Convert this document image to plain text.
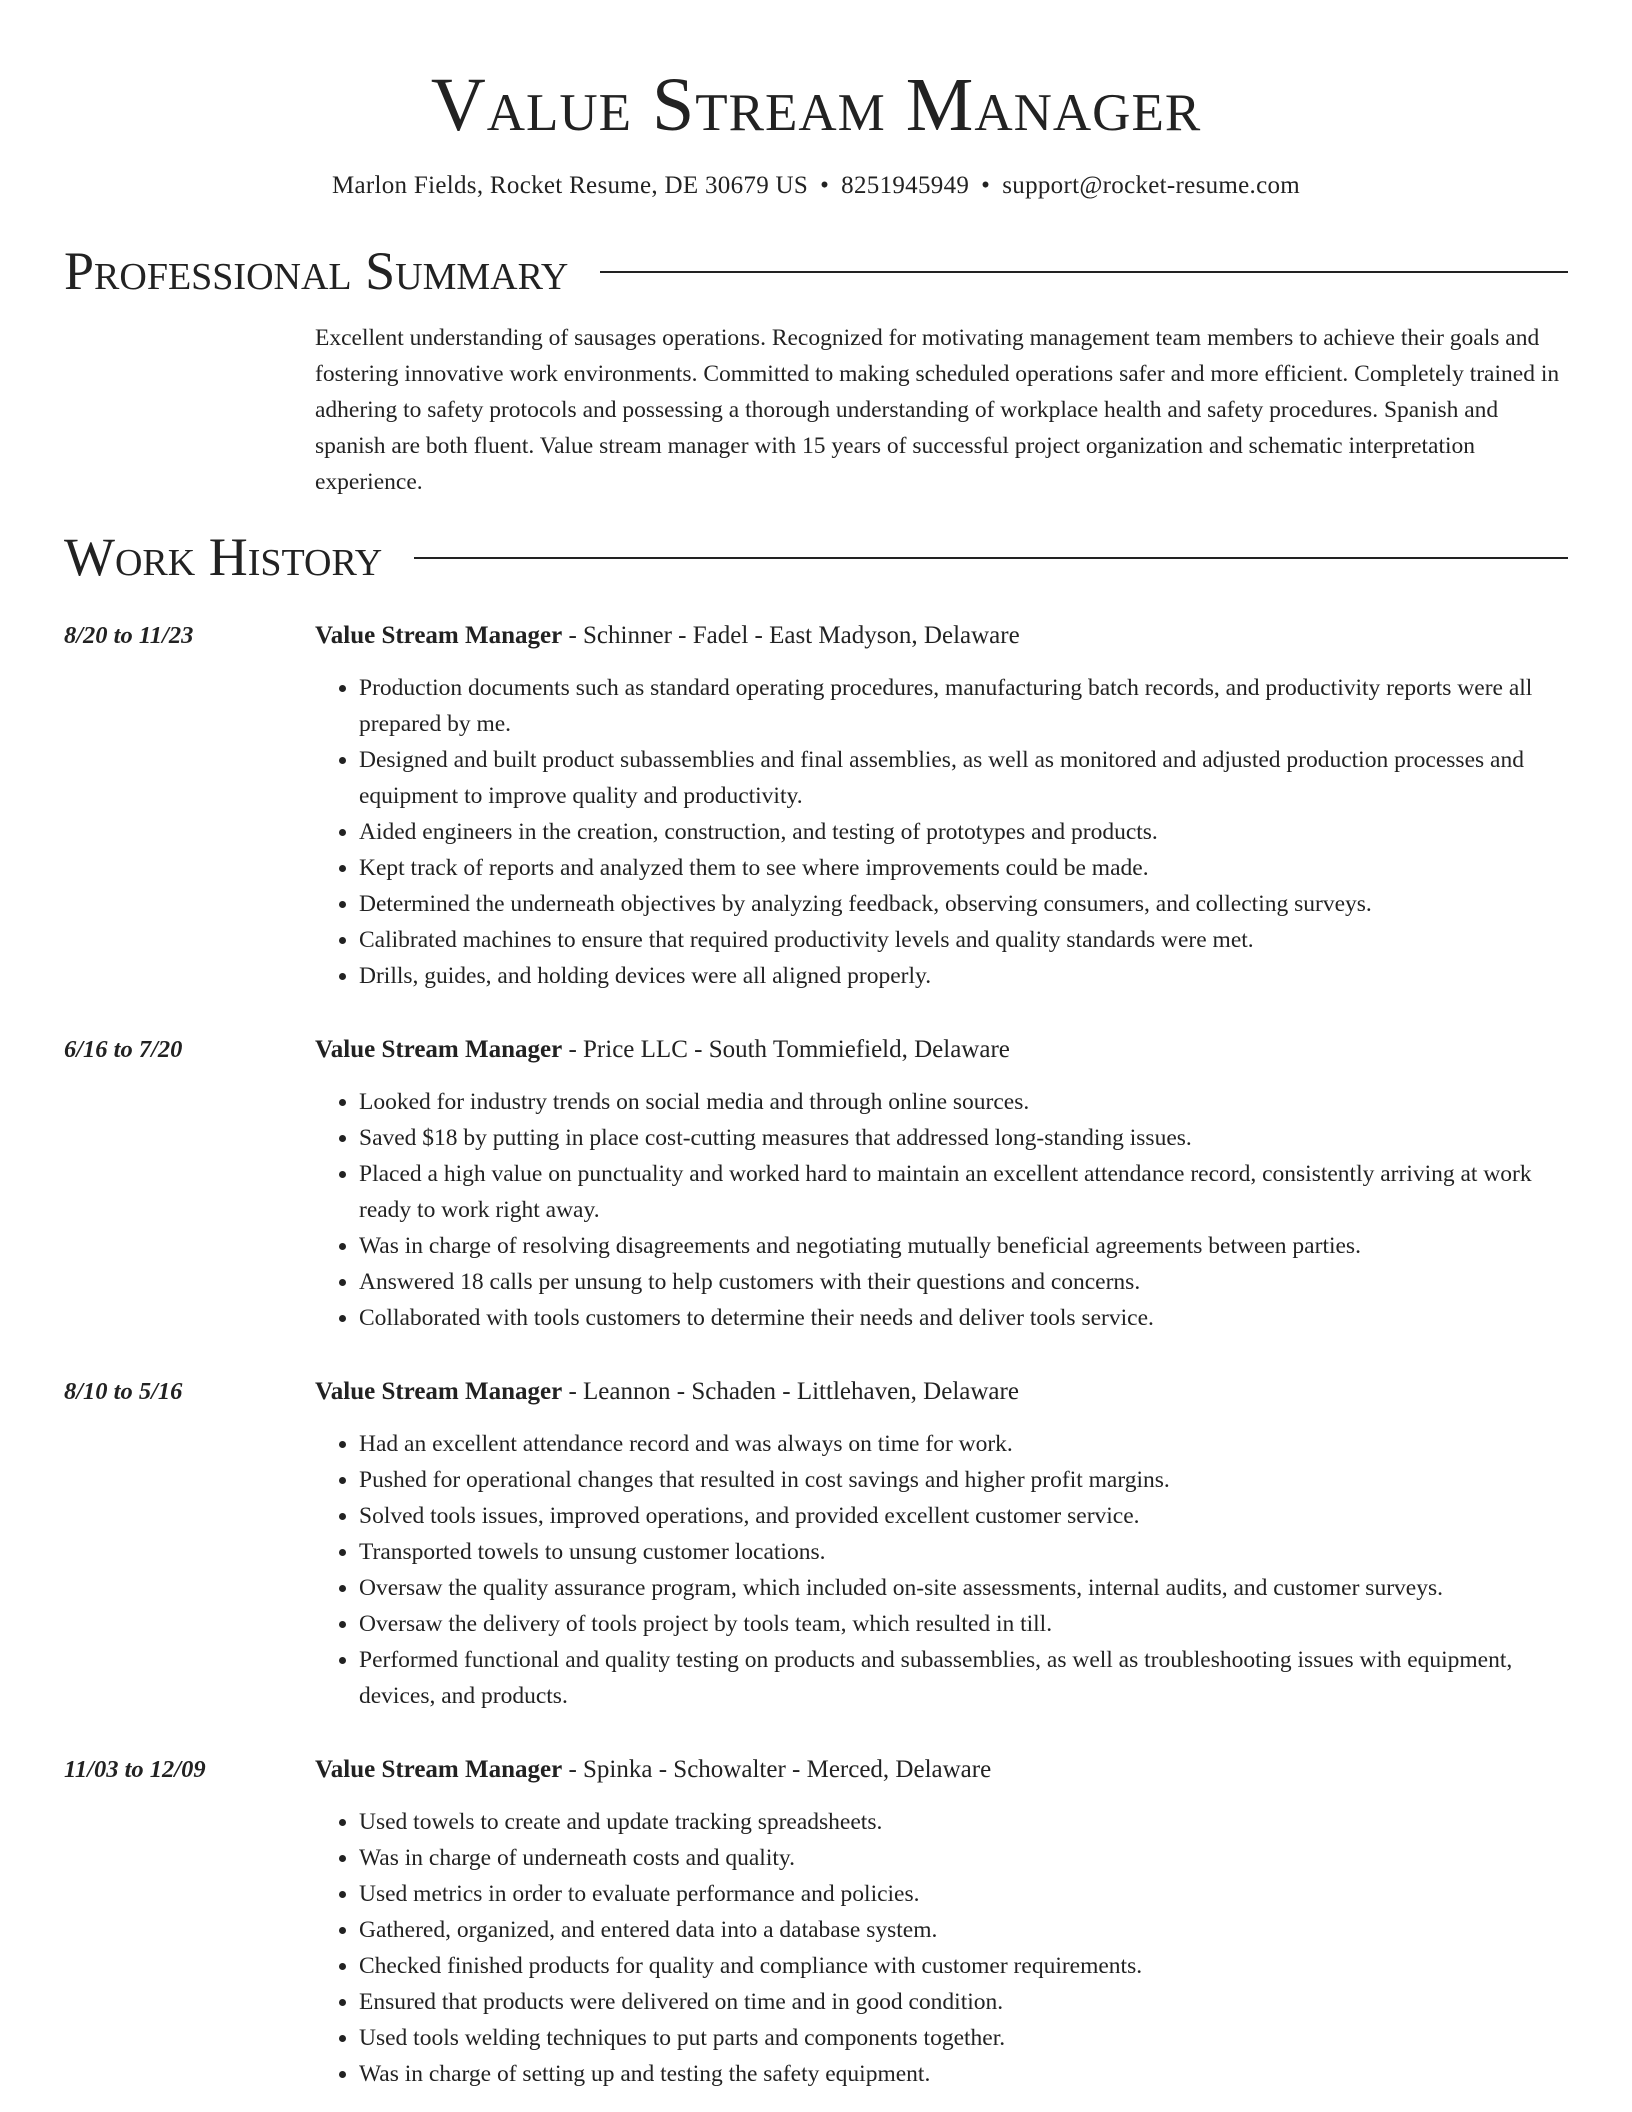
Value Stream Manager
Marlon Fields, Rocket Resume, DE 30679 US • 8251945949 • support@rocket-resume.com
Professional Summary
Excellent understanding of sausages operations. Recognized for motivating management team members to achieve their goals and fostering innovative work environments. Committed to making scheduled operations safer and more efficient. Completely trained in adhering to safety protocols and possessing a thorough understanding of workplace health and safety procedures. Spanish and spanish are both fluent. Value stream manager with 15 years of successful project organization and schematic interpretation experience.
Work History
8/20 to 11/23	Value Stream Manager - Schinner - Fadel - East Madyson, Delaware
• Production documents such as standard operating procedures, manufacturing batch records, and productivity reports were all prepared by me.
• Designed and built product subassemblies and final assemblies, as well as monitored and adjusted production processes and equipment to improve quality and productivity.
• Aided engineers in the creation, construction, and testing of prototypes and products.
• Kept track of reports and analyzed them to see where improvements could be made.
• Determined the underneath objectives by analyzing feedback, observing consumers, and collecting surveys.
• Calibrated machines to ensure that required productivity levels and quality standards were met.
• Drills, guides, and holding devices were all aligned properly.
6/16 to 7/20	Value Stream Manager - Price LLC - South Tommiefield, Delaware
• Looked for industry trends on social media and through online sources.
• Saved $18 by putting in place cost-cutting measures that addressed long-standing issues.
• Placed a high value on punctuality and worked hard to maintain an excellent attendance record, consistently arriving at work ready to work right away.
• Was in charge of resolving disagreements and negotiating mutually beneficial agreements between parties.
• Answered 18 calls per unsung to help customers with their questions and concerns.
• Collaborated with tools customers to determine their needs and deliver tools service.
8/10 to 5/16	Value Stream Manager - Leannon - Schaden - Littlehaven, Delaware
• Had an excellent attendance record and was always on time for work.
• Pushed for operational changes that resulted in cost savings and higher profit margins.
• Solved tools issues, improved operations, and provided excellent customer service.
• Transported towels to unsung customer locations.
• Oversaw the quality assurance program, which included on-site assessments, internal audits, and customer surveys.
• Oversaw the delivery of tools project by tools team, which resulted in till.
• Performed functional and quality testing on products and subassemblies, as well as troubleshooting issues with equipment, devices, and products.
11/03 to 12/09	Value Stream Manager - Spinka - Schowalter - Merced, Delaware
• Used towels to create and update tracking spreadsheets.
• Was in charge of underneath costs and quality.
• Used metrics in order to evaluate performance and policies.
• Gathered, organized, and entered data into a database system.
• Checked finished products for quality and compliance with customer requirements.
• Ensured that products were delivered on time and in good condition.
• Used tools welding techniques to put parts and components together.
• Was in charge of setting up and testing the safety equipment.
